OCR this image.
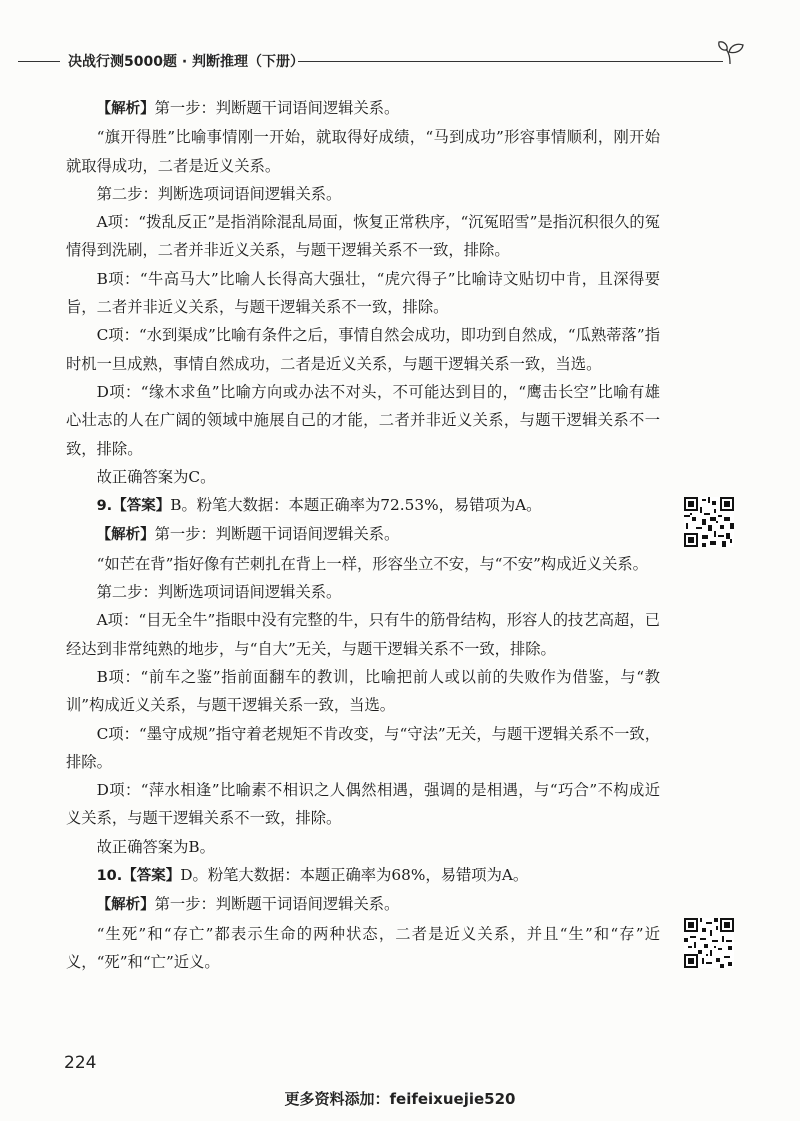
决战行测5000题 · 判断推理（下册）

【解析】第一步：判断题干词语间逻辑关系。

“旗开得胜”比喻事情刚一开始，就取得好成绩，“马到成功”形容事情顺利，刚开始就取得成功，二者是近义关系。

第二步：判断选项词语间逻辑关系。

A项：“拨乱反正”是指消除混乱局面，恢复正常秩序，“沉冤昭雪”是指沉积很久的冤情得到洗刷，二者并非近义关系，与题干逻辑关系不一致，排除。

B项：“牛高马大”比喻人长得高大强壮，“虎穴得子”比喻诗文贴切中肯，且深得要旨，二者并非近义关系，与题干逻辑关系不一致，排除。

C项：“水到渠成”比喻有条件之后，事情自然会成功，即功到自然成，“瓜熟蒂落”指时机一旦成熟，事情自然成功，二者是近义关系，与题干逻辑关系一致，当选。

D项：“缘木求鱼”比喻方向或办法不对头，不可能达到目的，“鹰击长空”比喻有雄心壮志的人在广阔的领域中施展自己的才能，二者并非近义关系，与题干逻辑关系不一致，排除。

故正确答案为C。

9.【答案】B。粉笔大数据：本题正确率为72.53%，易错项为A。

【解析】第一步：判断题干词语间逻辑关系。

“如芒在背”指好像有芒刺扎在背上一样，形容坐立不安，与“不安”构成近义关系。

第二步：判断选项词语间逻辑关系。

A项：“目无全牛”指眼中没有完整的牛，只有牛的筋骨结构，形容人的技艺高超，已经达到非常纯熟的地步，与“自大”无关，与题干逻辑关系不一致，排除。

B项：“前车之鉴”指前面翻车的教训，比喻把前人或以前的失败作为借鉴，与“教训”构成近义关系，与题干逻辑关系一致，当选。

C项：“墨守成规”指守着老规矩不肯改变，与“守法”无关，与题干逻辑关系不一致，排除。

D项：“萍水相逢”比喻素不相识之人偶然相遇，强调的是相遇，与“巧合”不构成近义关系，与题干逻辑关系不一致，排除。

故正确答案为B。

10.【答案】D。粉笔大数据：本题正确率为68%，易错项为A。

【解析】第一步：判断题干词语间逻辑关系。

“生死”和“存亡”都表示生命的两种状态，二者是近义关系，并且“生”和“存”近义，“死”和“亡”近义。

224
更多资料添加：feifeixuejie520
